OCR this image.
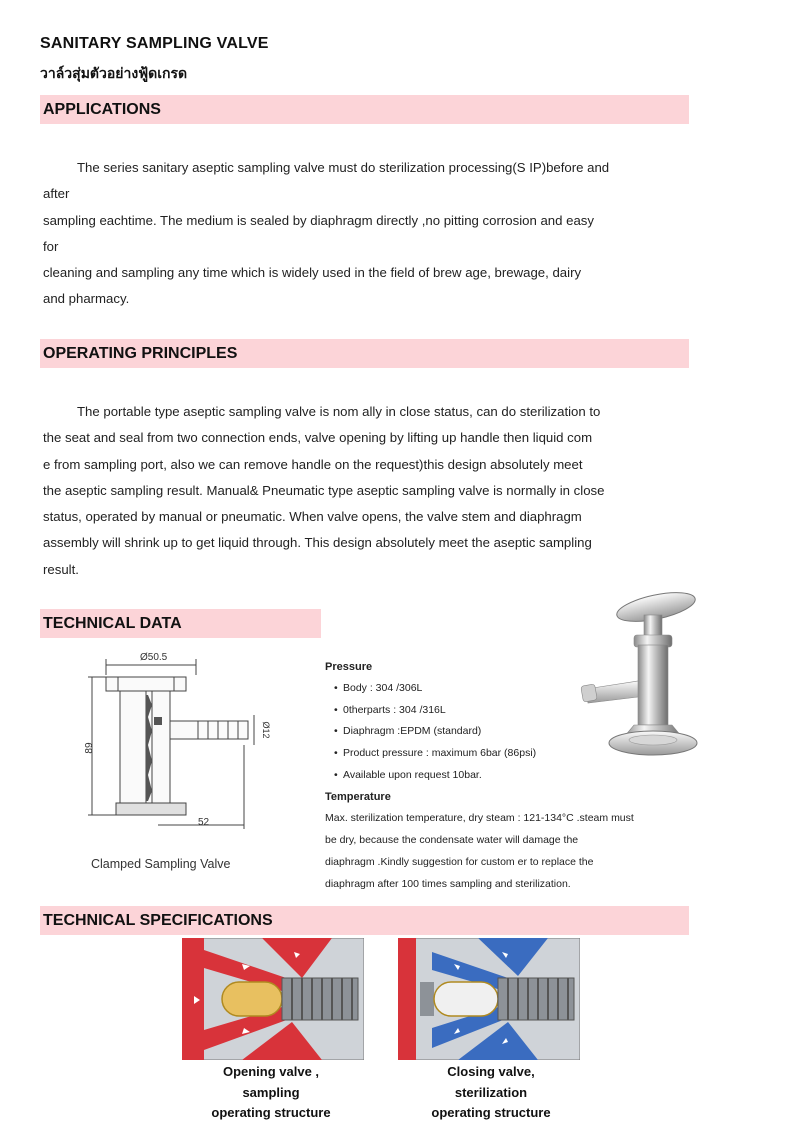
SANITARY SAMPLING VALVE
วาล์วสุ่มตัวอย่างฟู้ดเกรด
APPLICATIONS

The series sanitary aseptic sampling valve must do sterilization processing(S IP)before and

after

sampling eachtime. The medium is sealed by diaphragm directly ,no pitting corrosion and easy

for

cleaning and sampling any time which is widely used in the field of brew age, brewage, dairy

and pharmacy.

OPERATING PRINCIPLES

The portable type aseptic sampling valve is nom ally in close status, can do sterilization to

the seat and seal from two connection ends, valve opening by lifting up handle then liquid com

e from sampling port, also we can remove handle on the request)this design absolutely meet

the aseptic sampling result. Manual& Pneumatic type aseptic sampling valve is normally in close

status, operated by manual or pneumatic. When valve opens, the valve stem and diaphragm

assembly will shrink up to get liquid through. This design absolutely meet the aseptic sampling

result.

TECHNICAL DATA
Ø50.5
89
52
Ø12
Clamped Sampling Valve
Pressure
• Body : 304 /306L
• 0therparts : 304 /316L
• Diaphragm :EPDM (standard)
• Product pressure : maximum 6bar (86psi)
• Available upon request 10bar.
Temperature

Max. sterilization temperature, dry steam : 121-134°C .steam must

be dry, because the condensate water will damage the

diaphragm .Kindly suggestion for custom er to replace the

diaphragm after 100 times sampling and sterilization.

TECHNICAL SPECIFICATIONS
Opening valve ,
sampling
operating structure
Closing valve,
sterilization
operating structure
